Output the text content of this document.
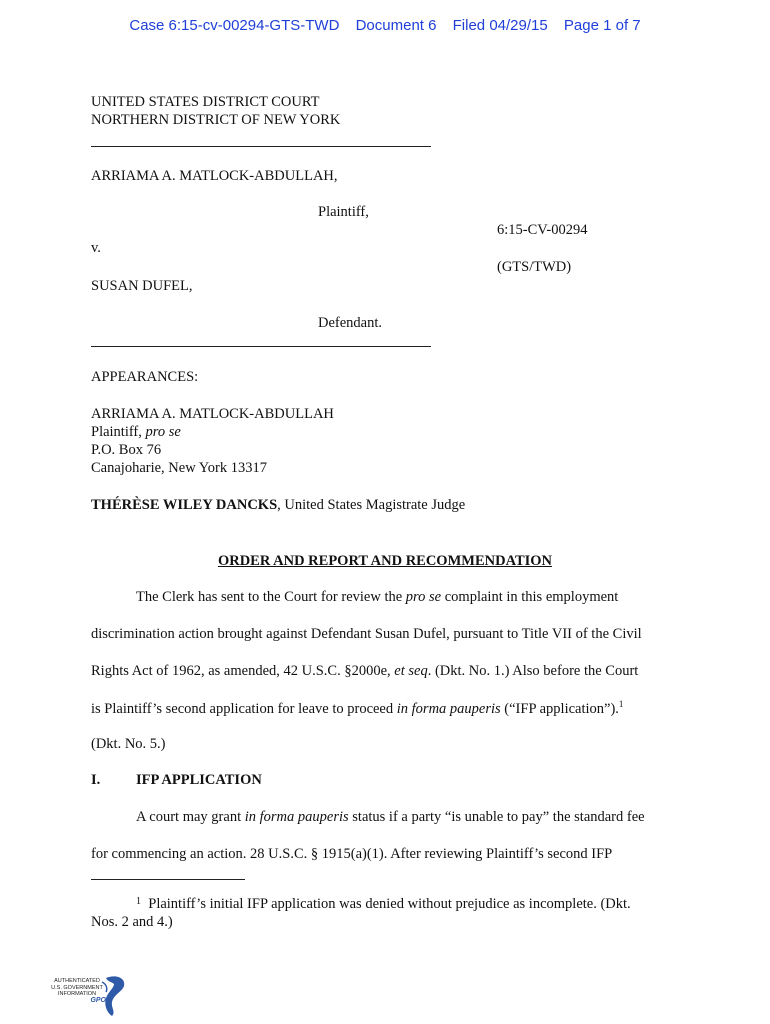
Case 6:15-cv-00294-GTS-TWD Document 6 Filed 04/29/15 Page 1 of 7
UNITED STATES DISTRICT COURT
NORTHERN DISTRICT OF NEW YORK
ARRIAMA A. MATLOCK-ABDULLAH,
Plaintiff,
6:15-CV-00294
v.
(GTS/TWD)
SUSAN DUFEL,
Defendant.
APPEARANCES:
ARRIAMA A. MATLOCK-ABDULLAH
Plaintiff, pro se
P.O. Box 76
Canajoharie, New York 13317
THÉRÈSE WILEY DANCKS, United States Magistrate Judge
ORDER AND REPORT AND RECOMMENDATION
The Clerk has sent to the Court for review the pro se complaint in this employment
discrimination action brought against Defendant Susan Dufel, pursuant to Title VII of the Civil
Rights Act of 1962, as amended, 42 U.S.C. §2000e, et seq. (Dkt. No. 1.) Also before the Court
is Plaintiff’s second application for leave to proceed in forma pauperis (“IFP application”).$^1$
(Dkt. No. 5.)
I. IFP APPLICATION
A court may grant in forma pauperis status if a party “is unable to pay” the standard fee
for commencing an action. 28 U.S.C. § 1915(a)(1). After reviewing Plaintiff’s second IFP
$^1$ Plaintiff’s initial IFP application was denied without prejudice as incomplete. (Dkt.
Nos. 2 and 4.)
AUTHENTICATED
U.S. GOVERNMENT
INFORMATION
GPO
